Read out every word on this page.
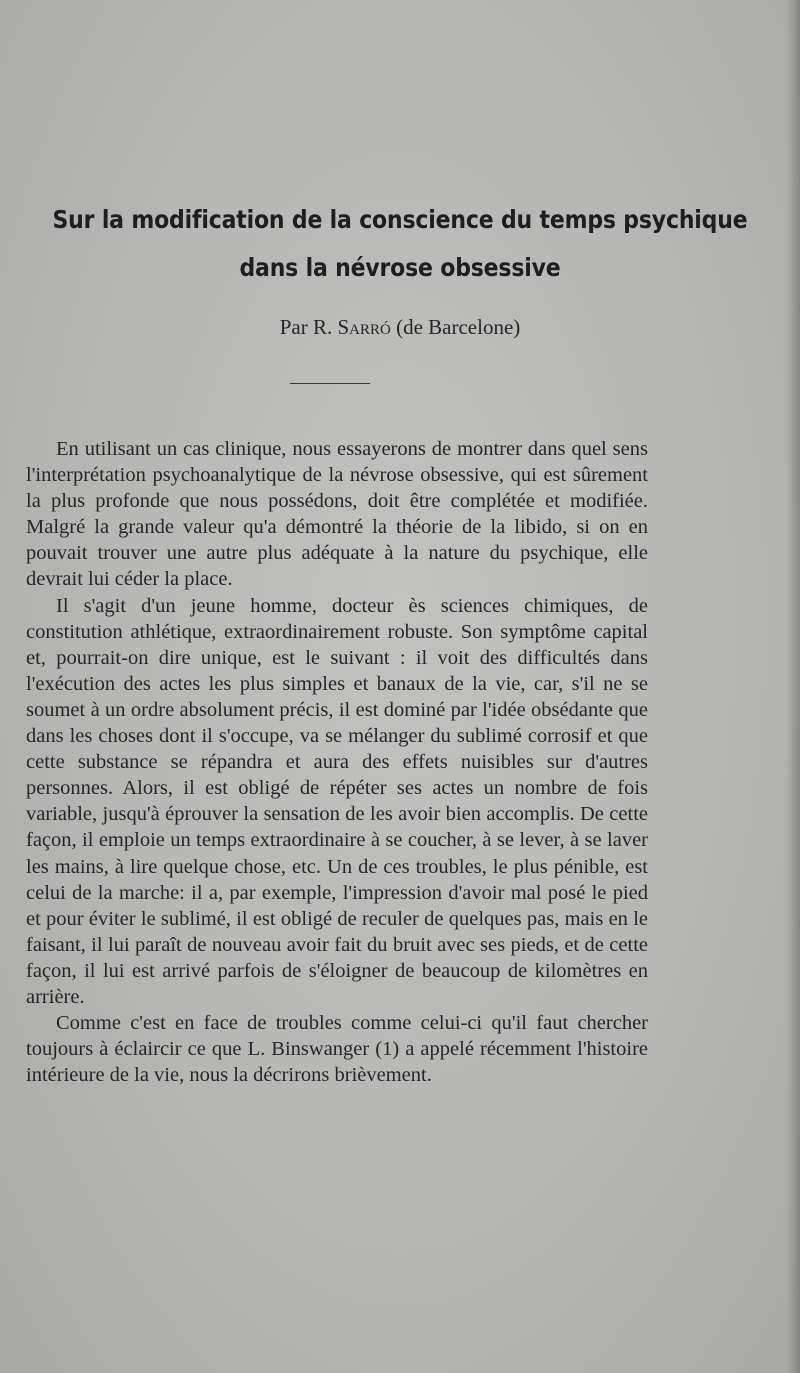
Sur la modification de la conscience du temps psychique
dans la névrose obsessive

Par R. Sarró (de Barcelone)

En utilisant un cas clinique, nous essayerons de montrer dans quel sens l'interprétation psychoanalytique de la névrose obsessive, qui est sûrement la plus profonde que nous possédons, doit être complétée et modifiée. Malgré la grande valeur qu'a démontré la théorie de la libido, si on en pouvait trouver une autre plus adéquate à la nature du psychique, elle devrait lui céder la place.

Il s'agit d'un jeune homme, docteur ès sciences chimiques, de constitution athlétique, extraordinairement robuste. Son symptôme capital et, pourrait-on dire unique, est le suivant : il voit des difficultés dans l'exécution des actes les plus simples et banaux de la vie, car, s'il ne se soumet à un ordre absolument précis, il est dominé par l'idée obsédante que dans les choses dont il s'occupe, va se mélanger du sublimé corrosif et que cette substance se répandra et aura des effets nuisibles sur d'autres personnes. Alors, il est obligé de répéter ses actes un nombre de fois variable, jusqu'à éprouver la sensation de les avoir bien accomplis. De cette façon, il emploie un temps extraordinaire à se coucher, à se lever, à se laver les mains, à lire quelque chose, etc. Un de ces troubles, le plus pénible, est celui de la marche: il a, par exemple, l'impression d'avoir mal posé le pied et pour éviter le sublimé, il est obligé de reculer de quelques pas, mais en le faisant, il lui paraît de nouveau avoir fait du bruit avec ses pieds, et de cette façon, il lui est arrivé parfois de s'éloigner de beaucoup de kilomètres en arrière.

Comme c'est en face de troubles comme celui-ci qu'il faut chercher toujours à éclaircir ce que L. Binswanger (1) a appelé récemment l'histoire intérieure de la vie, nous la décrirons brièvement.
